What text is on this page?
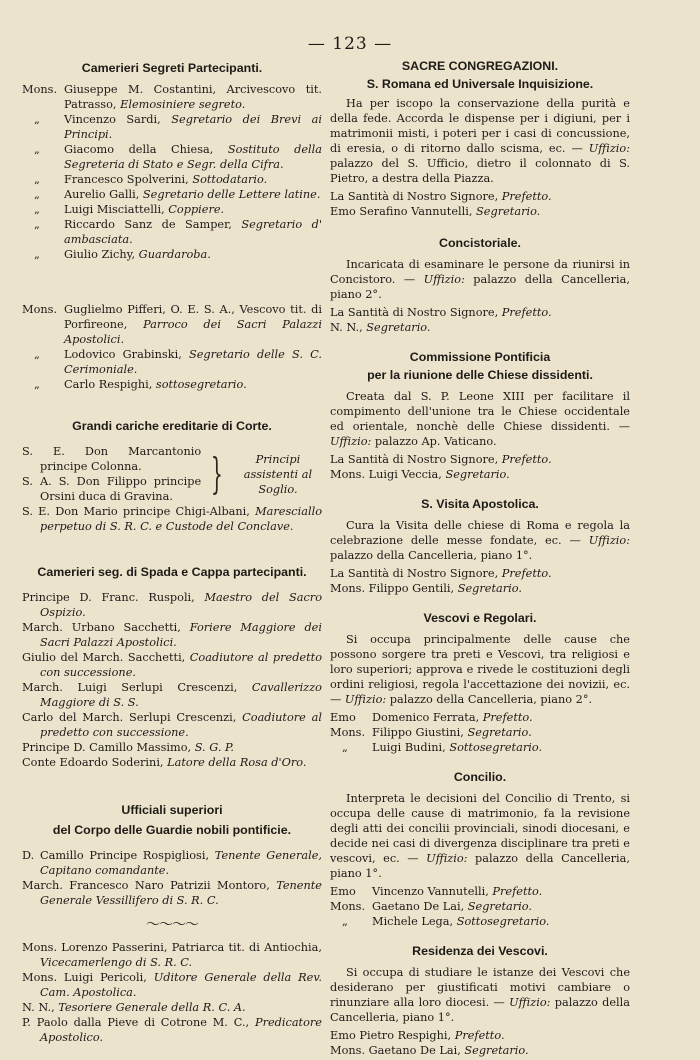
— 123 —
Camerieri Segreti Partecipanti.
Mons. Giuseppe M. Costantini, Arcivescovo tit. Patrasso, Elemosiniere segreto.
„ Vincenzo Sardi, Segretario dei Brevi ai Principi.
„ Giacomo della Chiesa, Sostituto della Segreteria di Stato e Segr. della Cifra.
„ Francesco Spolverini, Sottodatario.
„ Aurelio Galli, Segretario delle Lettere latine.
„ Luigi Misciattelli, Coppiere.
„ Riccardo Sanz de Samper, Segretario d' ambasciata.
„ Giulio Zichy, Guardaroba.
Mons. Guglielmo Pifferi, O. E. S. A., Vescovo tit. di Porfireone, Parroco dei Sacri Palazzi Apostolici.
„ Lodovico Grabinski, Segretario delle S. C. Cerimoniale.
„ Carlo Respighi, sottosegretario.
Grandi cariche ereditarie di Corte.
S. E. Don Marcantonio principe Colonna.
S. A. S. Don Filippo principe Orsini duca di Gravina. }	Principi assistenti al Soglio.
S. E. Don Mario principe Chigi-Albani, Maresciallo perpetuo di S. R. C. e Custode del Conclave.
Camerieri seg. di Spada e Cappa partecipanti.
Principe D. Franc. Ruspoli, Maestro del Sacro Ospizio.
March. Urbano Sacchetti, Foriere Maggiore dei Sacri Palazzi Apostolici.
Giulio del March. Sacchetti, Coadiutore al predetto con successione.
March. Luigi Serlupi Crescenzi, Cavallerizzo Maggiore di S. S.
Carlo del March. Serlupi Crescenzi, Coadiutore al predetto con successione.
Principe D. Camillo Massimo, S. G. P.
Conte Edoardo Soderini, Latore della Rosa d'Oro.
Ufficiali superiori
del Corpo delle Guardie nobili pontificie.
D. Camillo Principe Rospigliosi, Tenente Generale, Capitano comandante.
March. Francesco Naro Patrizii Montoro, Tenente Generale Vessillifero di S. R. C.
〜〜〜〜
Mons. Lorenzo Passerini, Patriarca tit. di Antiochia, Vicecamerlengo di S. R. C.
Mons. Luigi Pericoli, Uditore Generale della Rev. Cam. Apostolica.
N. N., Tesoriere Generale della R. C. A.
P. Paolo dalla Pieve di Cotrone M. C., Predicatore Apostolico.
SACRE CONGREGAZIONI.
S. Romana ed Universale Inquisizione.
Ha per iscopo la conservazione della purità e della fede. Accorda le dispense per i digiuni, per i matrimonii misti, i poteri per i casi di concussione, di eresia, o di ritorno dallo scisma, ec. — Uffizio: palazzo del S. Ufficio, dietro il colonnato di S. Pietro, a destra della Piazza.
La Santità di Nostro Signore, Prefetto.
Emo Serafino Vannutelli, Segretario.
Concistoriale.
Incaricata di esaminare le persone da riunirsi in Concistoro. — Uffizio: palazzo della Cancelleria, piano 2°.
La Santità di Nostro Signore, Prefetto.
N. N., Segretario.
Commissione Pontificia
per la riunione delle Chiese dissidenti.
Creata dal S. P. Leone XIII per facilitare il compimento dell'unione tra le Chiese occidentale ed orientale, nonchè delle Chiese dissidenti. — Uffizio: palazzo Ap. Vaticano.
La Santità di Nostro Signore, Prefetto.
Mons. Luigi Veccia, Segretario.
S. Visita Apostolica.
Cura la Visita delle chiese di Roma e regola la celebrazione delle messe fondate, ec. — Uffizio: palazzo della Cancelleria, piano 1°.
La Santità di Nostro Signore, Prefetto.
Mons. Filippo Gentili, Segretario.
Vescovi e Regolari.
Si occupa principalmente delle cause che possono sorgere tra preti e Vescovi, tra religiosi e loro superiori; approva e rivede le costituzioni degli ordini religiosi, regola l'accettazione dei novizii, ec. — Uffizio: palazzo della Cancelleria, piano 2°.
Emo Domenico Ferrata, Prefetto.
Mons. Filippo Giustini, Segretario.
„ Luigi Budini, Sottosegretario.
Concilio.
Interpreta le decisioni del Concilio di Trento, si occupa delle cause di matrimonio, fa la revisione degli atti dei concilii provinciali, sinodi diocesani, e decide nei casi di divergenza disciplinare tra preti e vescovi, ec. — Uffizio: palazzo della Cancelleria, piano 1°.
Emo Vincenzo Vannutelli, Prefetto.
Mons. Gaetano De Lai, Segretario.
„ Michele Lega, Sottosegretario.
Residenza dei Vescovi.
Si occupa di studiare le istanze dei Vescovi che desiderano per giustificati motivi cambiare o rinunziare alla loro diocesi. — Uffizio: palazzo della Cancelleria, piano 1°.
Emo Pietro Respighi, Prefetto.
Mons. Gaetano De Lai, Segretario.
